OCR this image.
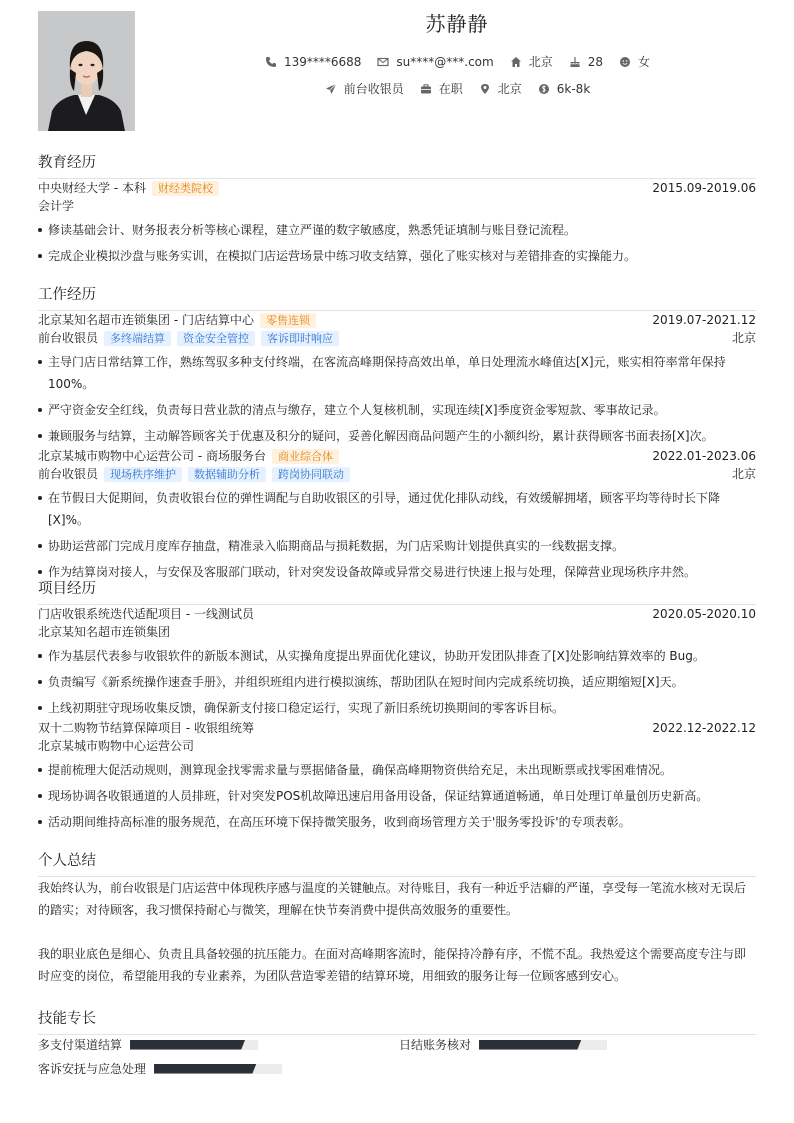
苏静静
139****6688	su****@***.com	北京	28	女
前台收银员	在职	北京	6k-8k
教育经历
中央财经大学 - 本科	财经类院校	2015.09-2019.06
会计学
修读基础会计、财务报表分析等核心课程，建立严谨的数字敏感度，熟悉凭证填制与账目登记流程。
完成企业模拟沙盘与账务实训，在模拟门店运营场景中练习收支结算，强化了账实核对与差错排查的实操能力。
工作经历
北京某知名超市连锁集团 - 门店结算中心	零售连锁	2019.07-2021.12
前台收银员	多终端结算	资金安全管控	客诉即时响应	北京
主导门店日常结算工作，熟练驾驭多种支付终端，在客流高峰期保持高效出单，单日处理流水峰值达[X]元，账实相符率常年保持100%。
严守资金安全红线，负责每日营业款的清点与缴存，建立个人复核机制，实现连续[X]季度资金零短款、零事故记录。
兼顾服务与结算，主动解答顾客关于优惠及积分的疑问，妥善化解因商品问题产生的小额纠纷，累计获得顾客书面表扬[X]次。
北京某城市购物中心运营公司 - 商场服务台	商业综合体	2022.01-2023.06
前台收银员	现场秩序维护	数据辅助分析	跨岗协同联动	北京
在节假日大促期间，负责收银台位的弹性调配与自助收银区的引导，通过优化排队动线，有效缓解拥堵，顾客平均等待时长下降[X]%。
协助运营部门完成月度库存抽盘，精准录入临期商品与损耗数据，为门店采购计划提供真实的一线数据支撑。
作为结算岗对接人，与安保及客服部门联动，针对突发设备故障或异常交易进行快速上报与处理，保障营业现场秩序井然。
项目经历
门店收银系统迭代适配项目 - 一线测试员	2020.05-2020.10
北京某知名超市连锁集团
作为基层代表参与收银软件的新版本测试，从实操角度提出界面优化建议，协助开发团队排查了[X]处影响结算效率的 Bug。
负责编写《新系统操作速查手册》，并组织班组内进行模拟演练，帮助团队在短时间内完成系统切换，适应期缩短[X]天。
上线初期驻守现场收集反馈，确保新支付接口稳定运行，实现了新旧系统切换期间的零客诉目标。
双十二购物节结算保障项目 - 收银组统筹	2022.12-2022.12
北京某城市购物中心运营公司
提前梳理大促活动规则，测算现金找零需求量与票据储备量，确保高峰期物资供给充足，未出现断票或找零困难情况。
现场协调各收银通道的人员排班，针对突发POS机故障迅速启用备用设备，保证结算通道畅通，单日处理订单量创历史新高。
活动期间维持高标准的服务规范，在高压环境下保持微笑服务，收到商场管理方关于'服务零投诉'的专项表彰。
个人总结

我始终认为，前台收银是门店运营中体现秩序感与温度的关键触点。对待账目，我有一种近乎洁癖的严谨，享受每一笔流水核对无误后的踏实；对待顾客，我习惯保持耐心与微笑，理解在快节奏消费中提供高效服务的重要性。

我的职业底色是细心、负责且具备较强的抗压能力。在面对高峰期客流时，能保持冷静有序，不慌不乱。我热爱这个需要高度专注与即时应变的岗位，希望能用我的专业素养，为团队营造零差错的结算环境，用细致的服务让每一位顾客感到安心。

技能专长
多支付渠道结算	日结账务核对
客诉安抚与应急处理
